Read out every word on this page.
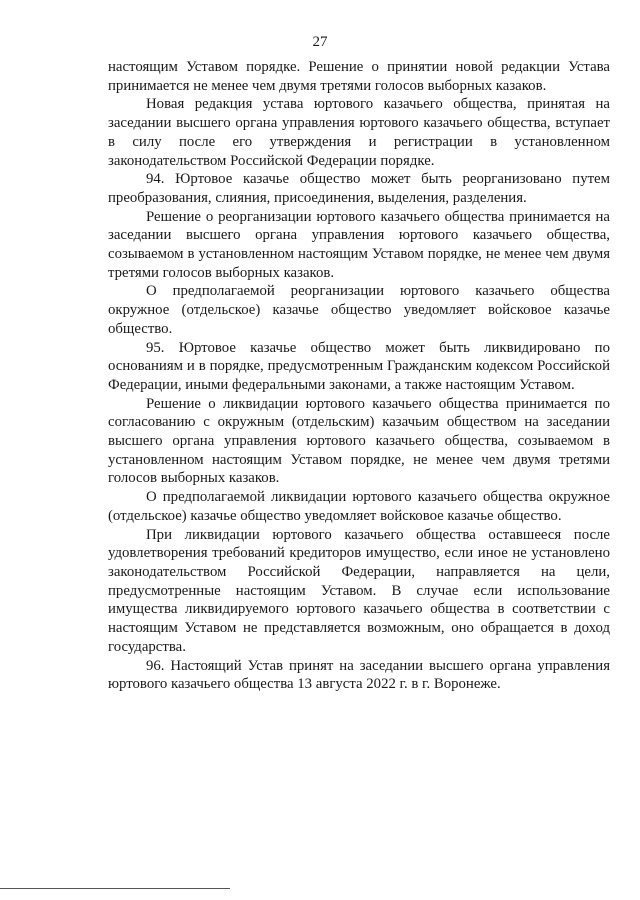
27

настоящим Уставом порядке. Решение о принятии новой редакции Устава принимается не менее чем двумя третями голосов выборных казаков.

Новая редакция устава юртового казачьего общества, принятая на заседании высшего органа управления юртового казачьего общества, вступает в силу после его утверждения и регистрации в установленном законодательством Российской Федерации порядке.

94. Юртовое казачье общество может быть реорганизовано путем преобразования, слияния, присоединения, выделения, разделения.

Решение о реорганизации юртового казачьего общества принимается на заседании высшего органа управления юртового казачьего общества, созываемом в установленном настоящим Уставом порядке, не менее чем двумя третями голосов выборных казаков.

О предполагаемой реорганизации юртового казачьего общества окружное (отдельское) казачье общество уведомляет войсковое казачье общество.

95. Юртовое казачье общество может быть ликвидировано по основаниям и в порядке, предусмотренным Гражданским кодексом Российской Федерации, иными федеральными законами, а также настоящим Уставом.

Решение о ликвидации юртового казачьего общества принимается по согласованию с окружным (отдельским) казачьим обществом на заседании высшего органа управления юртового казачьего общества, созываемом в установленном настоящим Уставом порядке, не менее чем двумя третями голосов выборных казаков.

О предполагаемой ликвидации юртового казачьего общества окружное (отдельское) казачье общество уведомляет войсковое казачье общество.

При ликвидации юртового казачьего общества оставшееся после удовлетворения требований кредиторов имущество, если иное не установлено законодательством Российской Федерации, направляется на цели, предусмотренные настоящим Уставом. В случае если использование имущества ликвидируемого юртового казачьего общества в соответствии с настоящим Уставом не представляется возможным, оно обращается в доход государства.

96. Настоящий Устав принят на заседании высшего органа управления юртового казачьего общества 13 августа 2022 г. в г. Воронеже.
